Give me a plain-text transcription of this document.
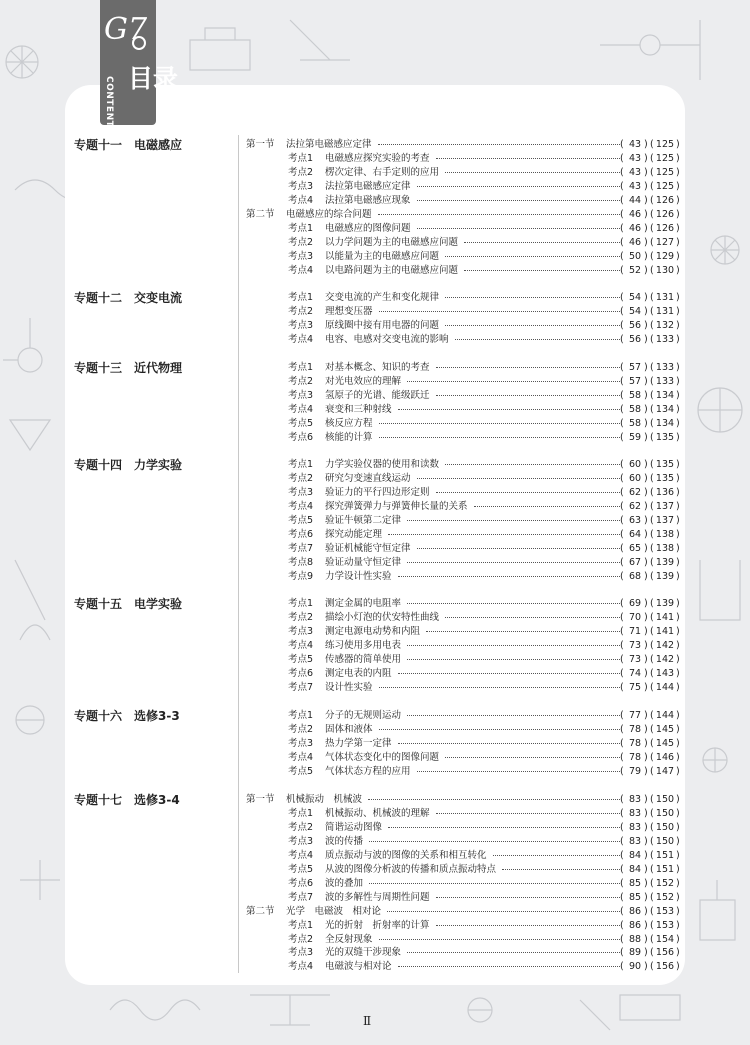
G7
CONTENTS 目录
专题十一 电磁感应	第一节 法拉第电磁感应定律	( 43 ) ( 125 )
考点1 电磁感应探究实验的考查	( 43 ) ( 125 )
考点2 楞次定律、右手定则的应用	( 43 ) ( 125 )
考点3 法拉第电磁感应定律	( 43 ) ( 125 )
考点4 法拉第电磁感应现象	( 44 ) ( 126 )
第二节 电磁感应的综合问题	( 46 ) ( 126 )
考点1 电磁感应的图像问题	( 46 ) ( 126 )
考点2 以力学问题为主的电磁感应问题	( 46 ) ( 127 )
考点3 以能量为主的电磁感应问题	( 50 ) ( 129 )
考点4 以电路问题为主的电磁感应问题	( 52 ) ( 130 )
专题十二 交变电流	考点1 交变电流的产生和变化规律	( 54 ) ( 131 )
考点2 理想变压器	( 54 ) ( 131 )
考点3 原线圈中接有用电器的问题	( 56 ) ( 132 )
考点4 电容、电感对交变电流的影响	( 56 ) ( 133 )
专题十三 近代物理	考点1 对基本概念、知识的考查	( 57 ) ( 133 )
考点2 对光电效应的理解	( 57 ) ( 133 )
考点3 氢原子的光谱、能级跃迁	( 58 ) ( 134 )
考点4 衰变和三种射线	( 58 ) ( 134 )
考点5 核反应方程	( 58 ) ( 134 )
考点6 核能的计算	( 59 ) ( 135 )
专题十四 力学实验	考点1 力学实验仪器的使用和读数	( 60 ) ( 135 )
考点2 研究匀变速直线运动	( 60 ) ( 135 )
考点3 验证力的平行四边形定则	( 62 ) ( 136 )
考点4 探究弹簧弹力与弹簧伸长量的关系	( 62 ) ( 137 )
考点5 验证牛顿第二定律	( 63 ) ( 137 )
考点6 探究动能定理	( 64 ) ( 138 )
考点7 验证机械能守恒定律	( 65 ) ( 138 )
考点8 验证动量守恒定律	( 67 ) ( 139 )
考点9 力学设计性实验	( 68 ) ( 139 )
专题十五 电学实验	考点1 测定金属的电阻率	( 69 ) ( 139 )
考点2 描绘小灯泡的伏安特性曲线	( 70 ) ( 141 )
考点3 测定电源电动势和内阻	( 71 ) ( 141 )
考点4 练习使用多用电表	( 73 ) ( 142 )
考点5 传感器的简单使用	( 73 ) ( 142 )
考点6 测定电表的内阻	( 74 ) ( 143 )
考点7 设计性实验	( 75 ) ( 144 )
专题十六 选修3-3	考点1 分子的无规则运动	( 77 ) ( 144 )
考点2 固体和液体	( 78 ) ( 145 )
考点3 热力学第一定律	( 78 ) ( 145 )
考点4 气体状态变化中的图像问题	( 78 ) ( 146 )
考点5 气体状态方程的应用	( 79 ) ( 147 )
专题十七 选修3-4	第一节 机械振动　机械波	( 83 ) ( 150 )
考点1 机械振动、机械波的理解	( 83 ) ( 150 )
考点2 简谐运动图像	( 83 ) ( 150 )
考点3 波的传播	( 83 ) ( 150 )
考点4 质点振动与波的图像的关系和相互转化	( 84 ) ( 151 )
考点5 从波的图像分析波的传播和质点振动特点	( 84 ) ( 151 )
考点6 波的叠加	( 85 ) ( 152 )
考点7 波的多解性与周期性问题	( 85 ) ( 152 )
第二节 光学　电磁波　相对论	( 86 ) ( 153 )
考点1 光的折射　折射率的计算	( 86 ) ( 153 )
考点2 全反射现象	( 88 ) ( 154 )
考点3 光的双缝干涉现象	( 89 ) ( 156 )
考点4 电磁波与相对论	( 90 ) ( 156 )
Ⅱ
